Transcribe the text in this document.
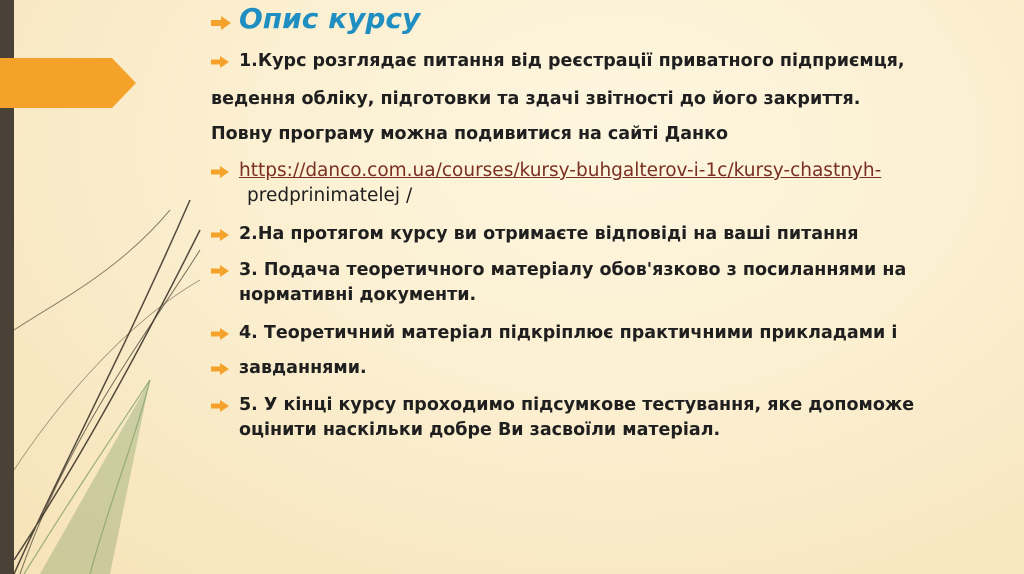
Опис курсу
1.Курс розглядає питання від реєстрації приватного підприємця,
ведення обліку, підготовки та здачі звітності до його закриття.
Повну програму можна подивитися на сайті Данко
https://danco.com.ua/courses/kursy-buhgalterov-i-1c/kursy-chastnyh-
predprinimatelej /
2.На протягом курсу ви отримаєте відповіді на ваші питання
3. Подача теоретичного матеріалу обов'язково з посиланнями на
нормативні документи.
4. Теоретичний матеріал підкріплює практичними прикладами і
завданнями.
5. У кінці курсу проходимо підсумкове тестування, яке допоможе
оцінити наскільки добре Ви засвоїли матеріал.
